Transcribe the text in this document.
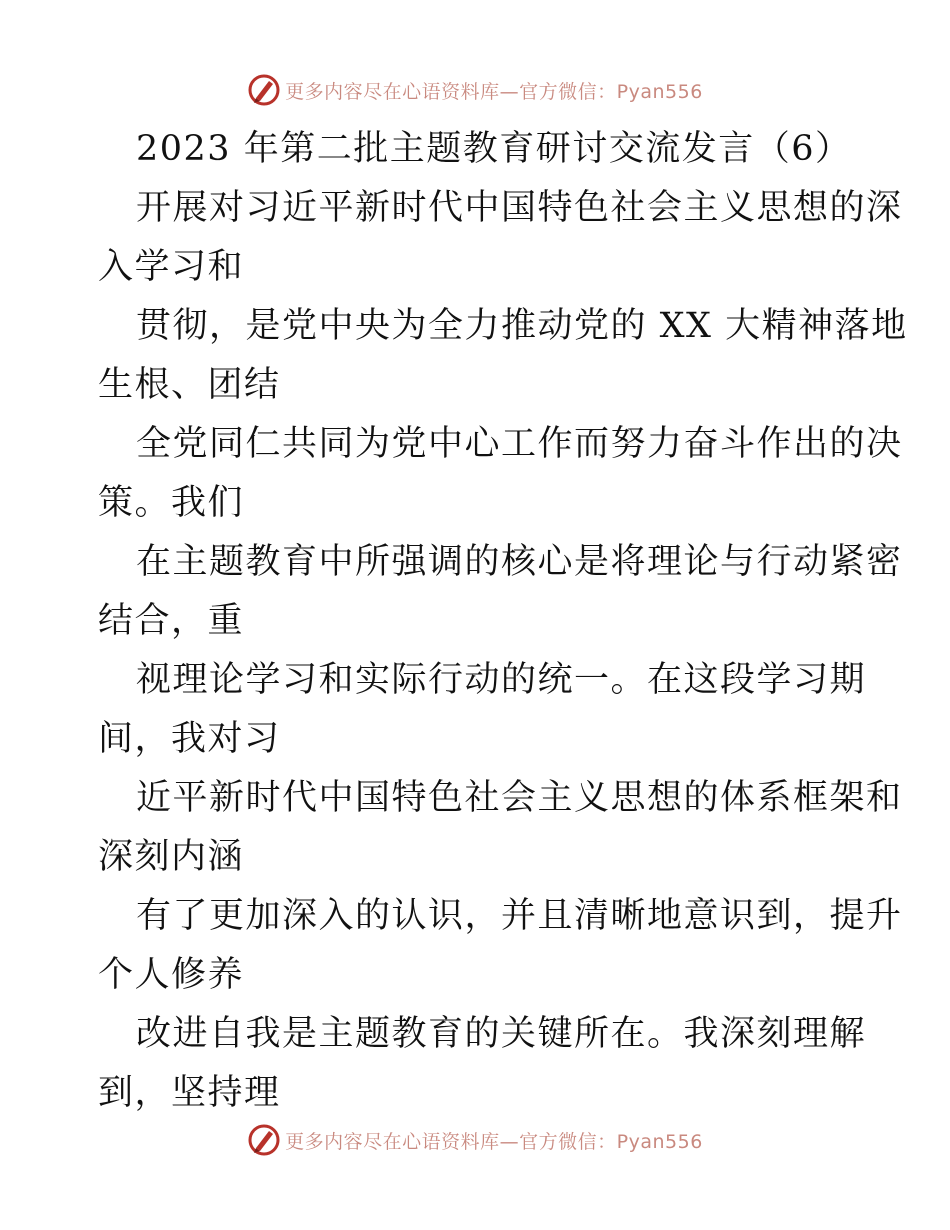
更多内容尽在心语资料库—官方微信：Pyan556
2023 年第二批主题教育研讨交流发言（6）
开展对习近平新时代中国特色社会主义思想的深
入学习和
贯彻，是党中央为全力推动党的 XX 大精神落地
生根、团结
全党同仁共同为党中心工作而努力奋斗作出的决
策。我们
在主题教育中所强调的核心是将理论与行动紧密
结合，重
视理论学习和实际行动的统一。在这段学习期
间，我对习
近平新时代中国特色社会主义思想的体系框架和
深刻内涵
有了更加深入的认识，并且清晰地意识到，提升
个人修养
改进自我是主题教育的关键所在。我深刻理解
到，坚持理
更多内容尽在心语资料库—官方微信：Pyan556
